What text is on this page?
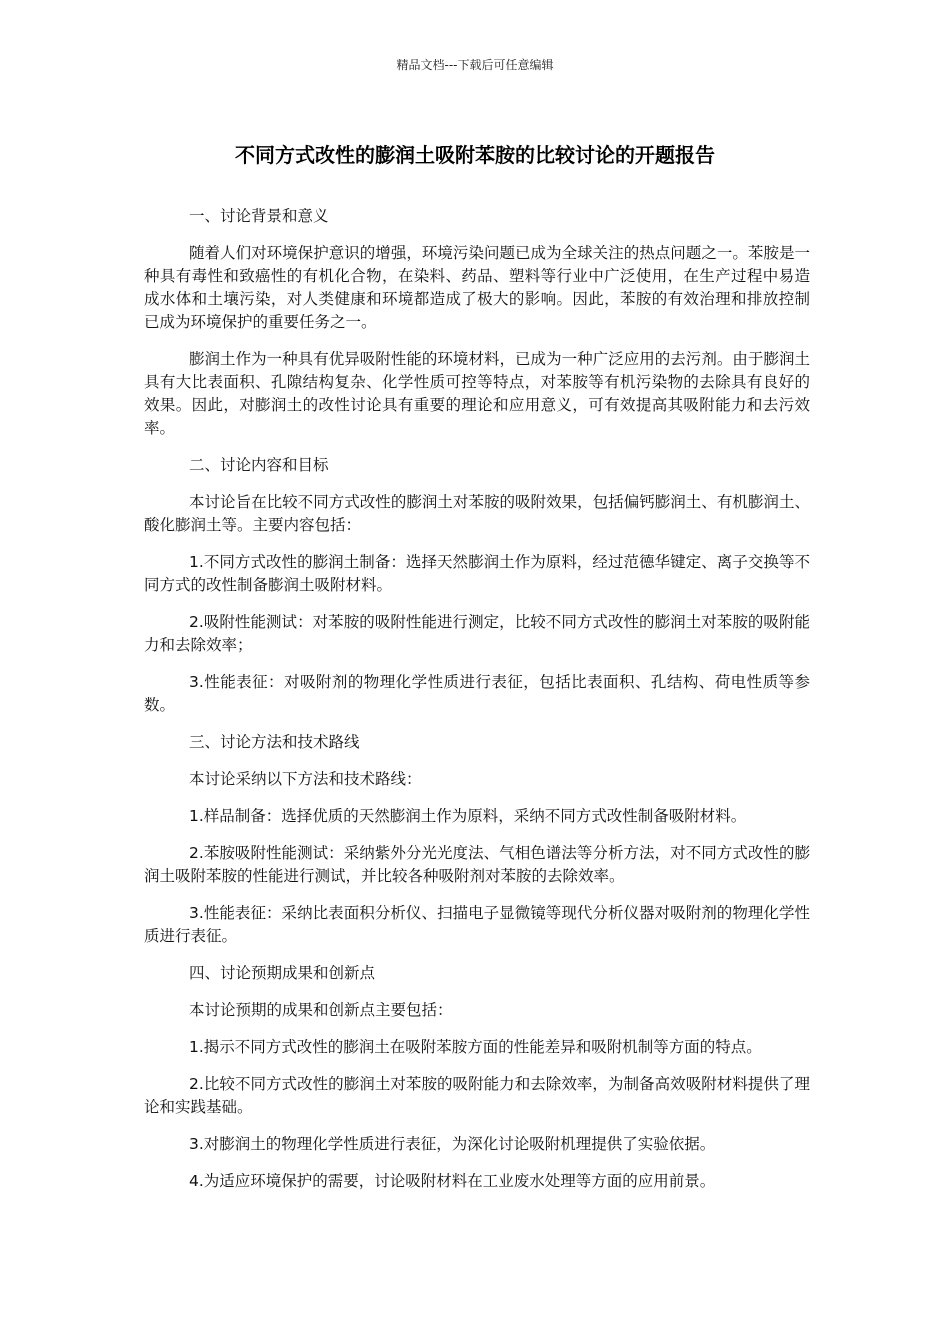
精品文档---下载后可任意编辑
不同方式改性的膨润土吸附苯胺的比较讨论的开题报告

一、讨论背景和意义

随着人们对环境保护意识的增强，环境污染问题已成为全球关注的热点问题之一。苯胺是一种具有毒性和致癌性的有机化合物，在染料、药品、塑料等行业中广泛使用，在生产过程中易造成水体和土壤污染，对人类健康和环境都造成了极大的影响。因此，苯胺的有效治理和排放控制已成为环境保护的重要任务之一。

膨润土作为一种具有优异吸附性能的环境材料，已成为一种广泛应用的去污剂。由于膨润土具有大比表面积、孔隙结构复杂、化学性质可控等特点，对苯胺等有机污染物的去除具有良好的效果。因此，对膨润土的改性讨论具有重要的理论和应用意义，可有效提高其吸附能力和去污效率。

二、讨论内容和目标

本讨论旨在比较不同方式改性的膨润土对苯胺的吸附效果，包括偏钙膨润土、有机膨润土、酸化膨润土等。主要内容包括：

1.不同方式改性的膨润土制备：选择天然膨润土作为原料，经过范德华键定、离子交换等不同方式的改性制备膨润土吸附材料。

2.吸附性能测试：对苯胺的吸附性能进行测定，比较不同方式改性的膨润土对苯胺的吸附能力和去除效率；

3.性能表征：对吸附剂的物理化学性质进行表征，包括比表面积、孔结构、荷电性质等参数。

三、讨论方法和技术路线

本讨论采纳以下方法和技术路线：

1.样品制备：选择优质的天然膨润土作为原料，采纳不同方式改性制备吸附材料。

2.苯胺吸附性能测试：采纳紫外分光光度法、气相色谱法等分析方法，对不同方式改性的膨润土吸附苯胺的性能进行测试，并比较各种吸附剂对苯胺的去除效率。

3.性能表征：采纳比表面积分析仪、扫描电子显微镜等现代分析仪器对吸附剂的物理化学性质进行表征。

四、讨论预期成果和创新点

本讨论预期的成果和创新点主要包括：

1.揭示不同方式改性的膨润土在吸附苯胺方面的性能差异和吸附机制等方面的特点。

2.比较不同方式改性的膨润土对苯胺的吸附能力和去除效率，为制备高效吸附材料提供了理论和实践基础。

3.对膨润土的物理化学性质进行表征，为深化讨论吸附机理提供了实验依据。

4.为适应环境保护的需要，讨论吸附材料在工业废水处理等方面的应用前景。
